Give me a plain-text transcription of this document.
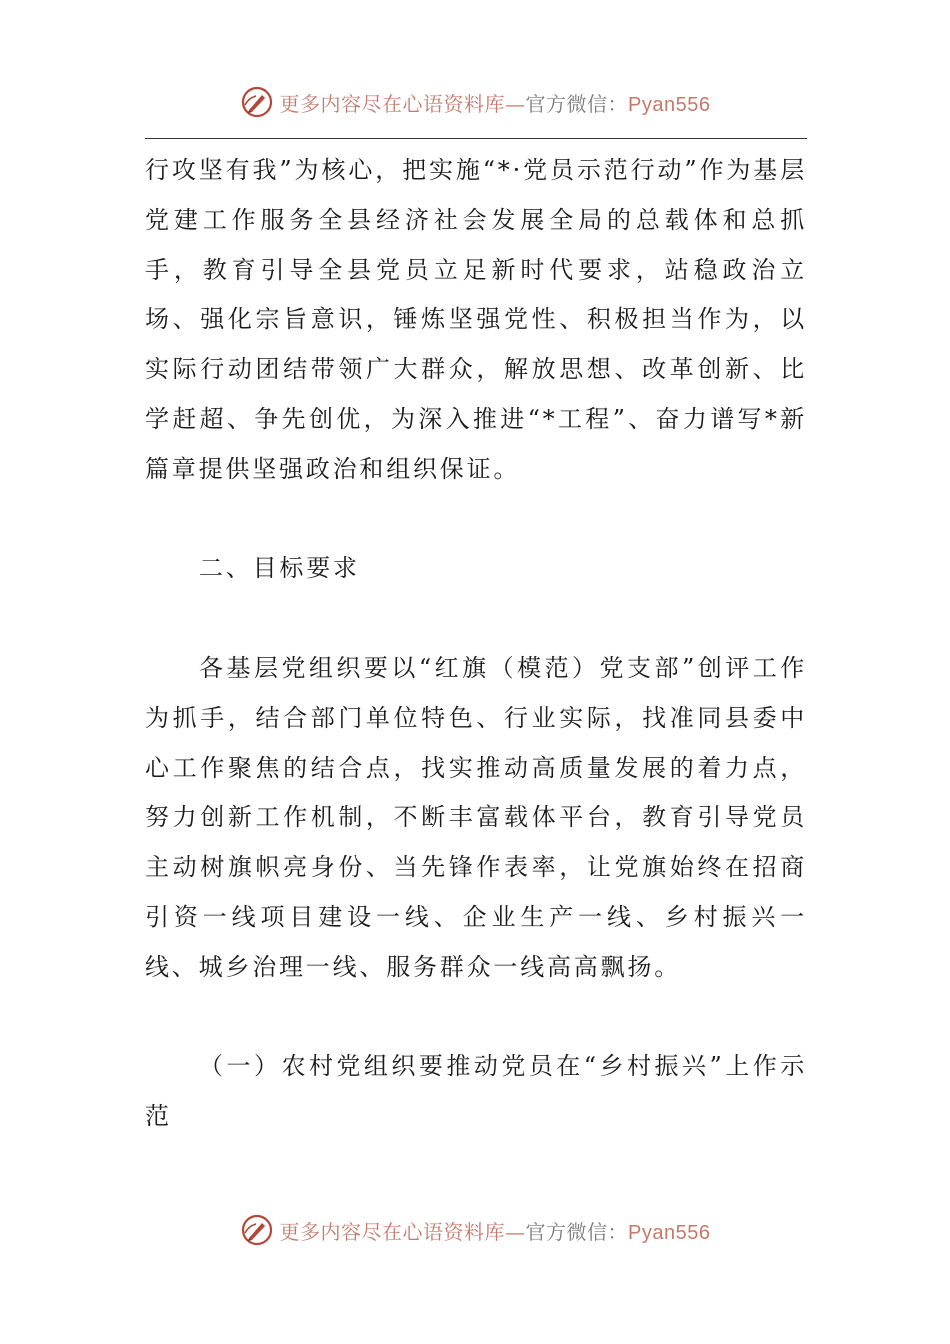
更多内容尽在心语资料库—官方微信：Pyan556

行攻坚有我”为核心，把实施“*·党员示范行动”作为基层党建工作服务全县经济社会发展全局的总载体和总抓手，教育引导全县党员立足新时代要求，站稳政治立场、强化宗旨意识，锤炼坚强党性、积极担当作为，以实际行动团结带领广大群众，解放思想、改革创新、比学赶超、争先创优，为深入推进“*工程”、奋力谱写*新篇章提供坚强政治和组织保证。

二、目标要求

各基层党组织要以“红旗（模范）党支部”创评工作为抓手，结合部门单位特色、行业实际，找准同县委中心工作聚焦的结合点，找实推动高质量发展的着力点，努力创新工作机制，不断丰富载体平台，教育引导党员主动树旗帜亮身份、当先锋作表率，让党旗始终在招商引资一线项目建设一线、企业生产一线、乡村振兴一线、城乡治理一线、服务群众一线高高飘扬。

（一）农村党组织要推动党员在“乡村振兴”上作示范

更多内容尽在心语资料库—官方微信：Pyan556
